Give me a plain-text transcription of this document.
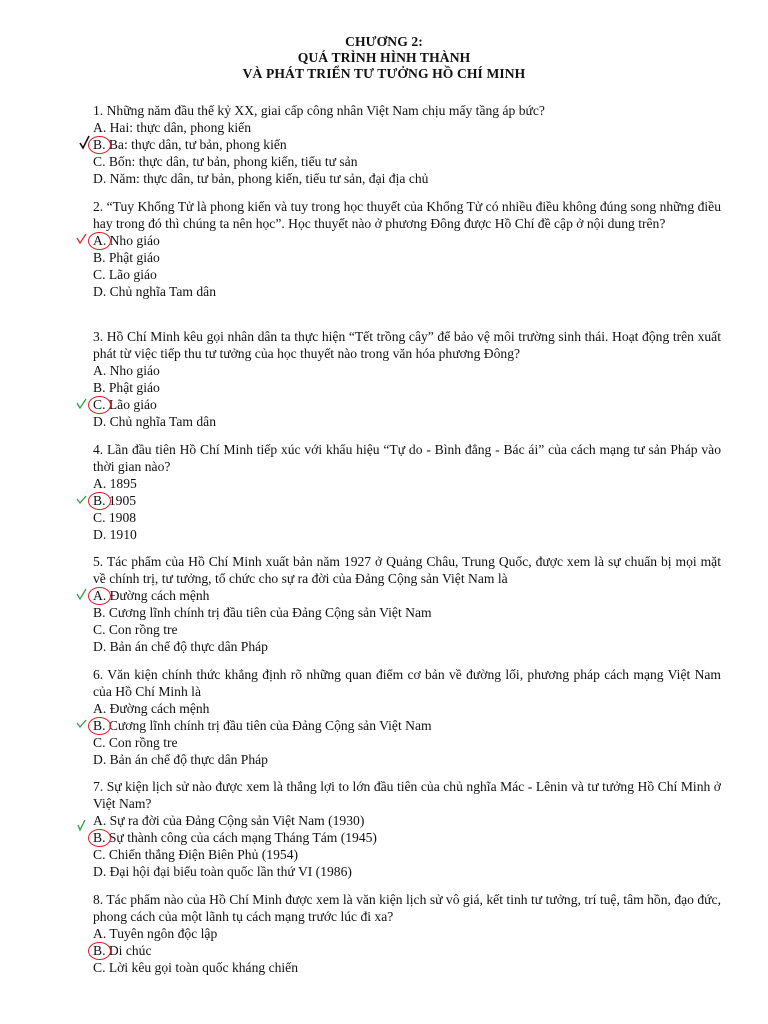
CHƯƠNG 2:
QUÁ TRÌNH HÌNH THÀNH
VÀ PHÁT TRIỂN TƯ TƯỞNG HỒ CHÍ MINH
1. Những năm đầu thế kỷ XX, giai cấp công nhân Việt Nam chịu mấy tầng áp bức?
A. Hai: thực dân, phong kiến
B. Ba: thực dân, tư bản, phong kiến
C. Bốn: thực dân, tư bản, phong kiến, tiểu tư sản
D. Năm: thực dân, tư bản, phong kiến, tiểu tư sản, đại địa chủ
2. “Tuy Khổng Tử là phong kiến và tuy trong học thuyết của Khổng Tử có nhiều điều không đúng song những điều hay trong đó thì chúng ta nên học”. Học thuyết nào ở phương Đông được Hồ Chí đề cập ở nội dung trên?
A. Nho giáo
B. Phật giáo
C. Lão giáo
D. Chủ nghĩa Tam dân
3. Hồ Chí Minh kêu gọi nhân dân ta thực hiện “Tết trồng cây” để bảo vệ môi trường sinh thái. Hoạt động trên xuất phát từ việc tiếp thu tư tưởng của học thuyết nào trong văn hóa phương Đông?
A. Nho giáo
B. Phật giáo
C. Lão giáo
D. Chủ nghĩa Tam dân
4. Lần đầu tiên Hồ Chí Minh tiếp xúc với khẩu hiệu “Tự do - Bình đẳng - Bác ái” của cách mạng tư sản Pháp vào thời gian nào?
A. 1895
B. 1905
C. 1908
D. 1910
5. Tác phẩm của Hồ Chí Minh xuất bản năm 1927 ở Quảng Châu, Trung Quốc, được xem là sự chuẩn bị mọi mặt về chính trị, tư tưởng, tổ chức cho sự ra đời của Đảng Cộng sản Việt Nam là
A. Đường cách mệnh
B. Cương lĩnh chính trị đầu tiên của Đảng Cộng sản Việt Nam
C. Con rồng tre
D. Bản án chế độ thực dân Pháp
6. Văn kiện chính thức khẳng định rõ những quan điểm cơ bản về đường lối, phương pháp cách mạng Việt Nam của Hồ Chí Minh là
A. Đường cách mệnh
B. Cương lĩnh chính trị đầu tiên của Đảng Cộng sản Việt Nam
C. Con rồng tre
D. Bản án chế độ thực dân Pháp
7. Sự kiện lịch sử nào được xem là thắng lợi to lớn đầu tiên của chủ nghĩa Mác - Lênin và tư tưởng Hồ Chí Minh ở Việt Nam?
A. Sự ra đời của Đảng Cộng sản Việt Nam (1930)
B. Sự thành công của cách mạng Tháng Tám (1945)
C. Chiến thắng Điện Biên Phủ (1954)
D. Đại hội đại biểu toàn quốc lần thứ VI (1986)
8. Tác phẩm nào của Hồ Chí Minh được xem là văn kiện lịch sử vô giá, kết tinh tư tưởng, trí tuệ, tâm hồn, đạo đức, phong cách của một lãnh tụ cách mạng trước lúc đi xa?
A. Tuyên ngôn độc lập
B. Di chúc
C. Lời kêu gọi toàn quốc kháng chiến
